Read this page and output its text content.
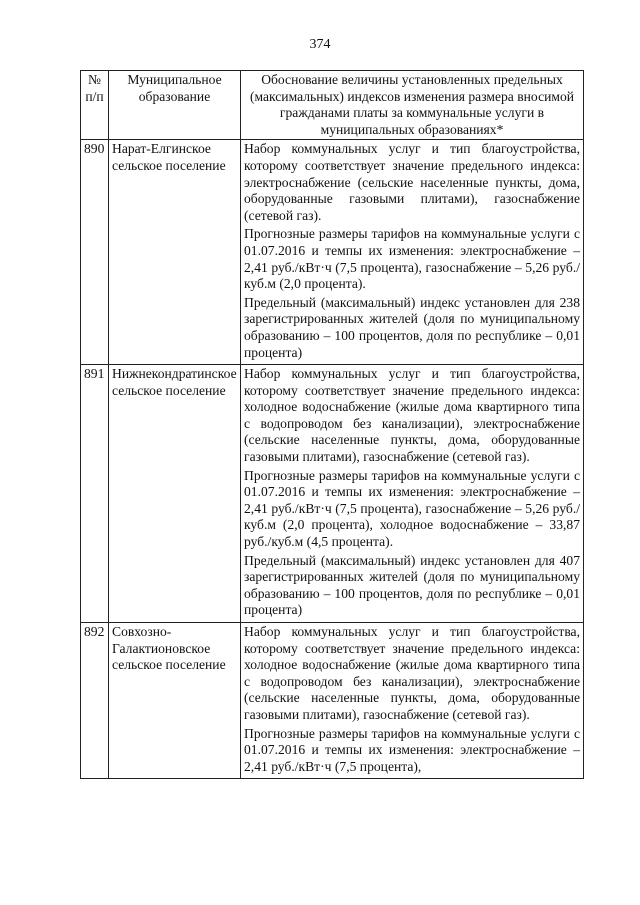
374
№ п/п	Муниципальное образование	Обоснование величины установленных предельных (максимальных) индексов изменения размера вносимой гражданами платы за коммунальные услуги в муниципальных образованиях*
890	Нарат-Елгинское сельское поселение	Набор коммунальных услуг и тип благоустройства, которому соответствует значение предельного индекса: электроснабжение (сельские населенные пункты, дома, оборудованные газовыми плитами), газоснабжение (сетевой газ).
Прогнозные размеры тарифов на коммунальные услуги с 01.07.2016 и темпы их изменения: электроснабжение – 2,41 руб./кВт·ч (7,5 процента), газоснабжение – 5,26 руб./куб.м (2,0 процента).
Предельный (максимальный) индекс установлен для 238 зарегистрированных жителей (доля по муниципальному образованию – 100 процентов, доля по республике – 0,01 процента)

891	Нижнекондратинское сельское поселение	Набор коммунальных услуг и тип благоустройства, которому соответствует значение предельного индекса: холодное водоснабжение (жилые дома квартирного типа с водопроводом без канализации), электроснабжение (сельские населенные пункты, дома, оборудованные газовыми плитами), газоснабжение (сетевой газ).
Прогнозные размеры тарифов на коммунальные услуги с 01.07.2016 и темпы их изменения: электроснабжение – 2,41 руб./кВт·ч (7,5 процента), газоснабжение – 5,26 руб./куб.м (2,0 процента), холодное водоснабжение – 33,87 руб./куб.м (4,5 процента).
Предельный (максимальный) индекс установлен для 407 зарегистрированных жителей (доля по муниципальному образованию – 100 процентов, доля по республике – 0,01 процента)

892	Совхозно-Галактионовское сельское поселение	Набор коммунальных услуг и тип благоустройства, которому соответствует значение предельного индекса: холодное водоснабжение (жилые дома квартирного типа с водопроводом без канализации), электроснабжение (сельские населенные пункты, дома, оборудованные газовыми плитами), газоснабжение (сетевой газ).
Прогнозные размеры тарифов на коммунальные услуги с 01.07.2016 и темпы их изменения: электроснабжение – 2,41 руб./кВт·ч (7,5 процента),
